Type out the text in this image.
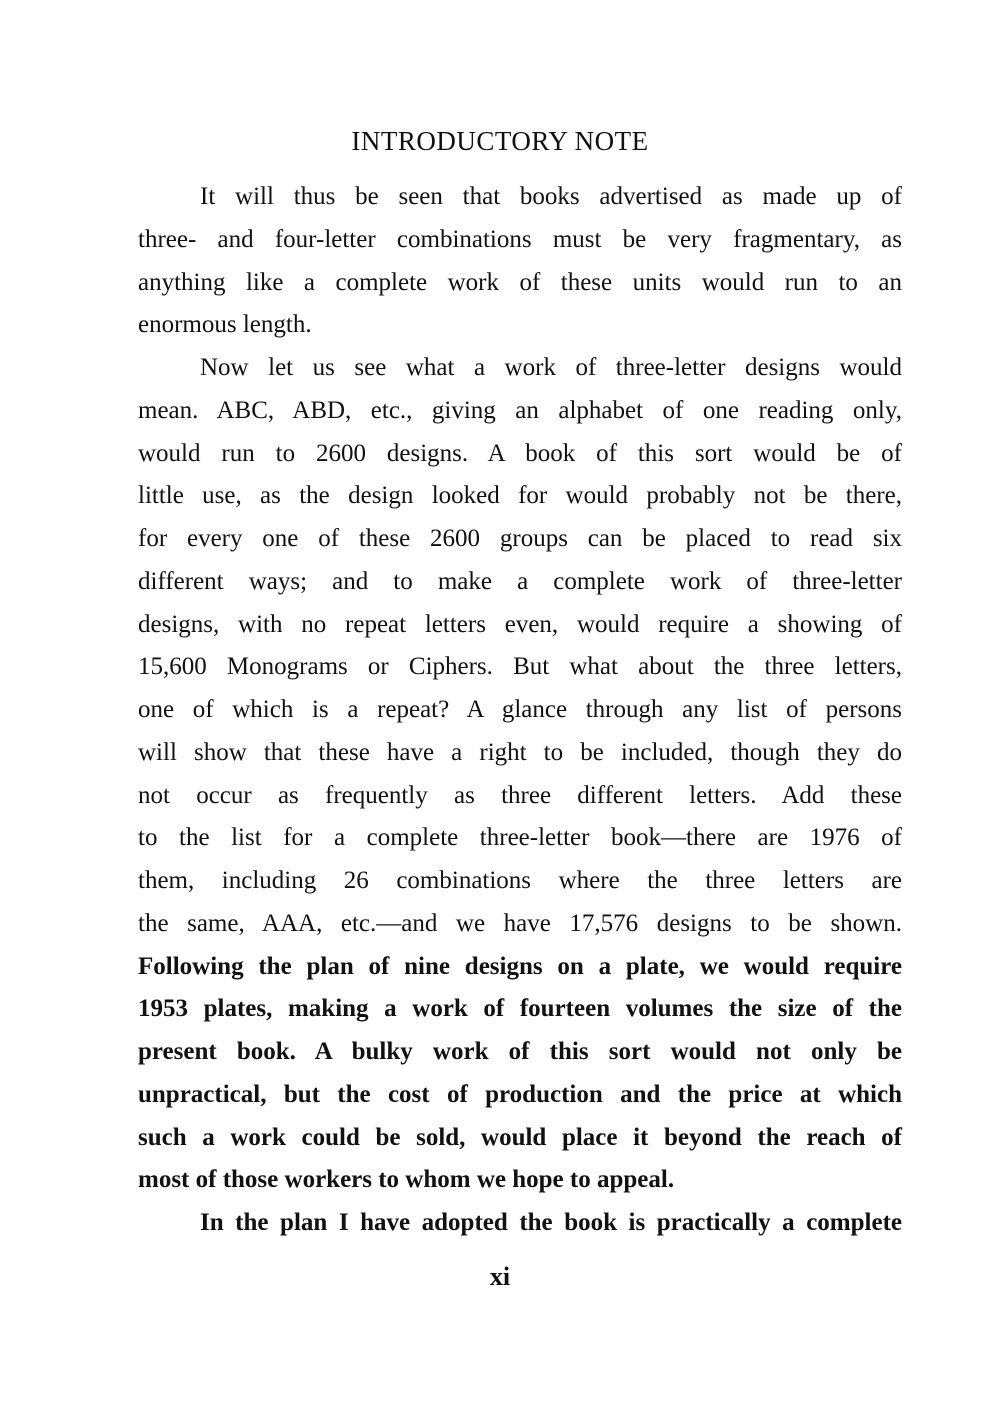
INTRODUCTORY NOTE
It will thus be seen that books advertised as made up of
three- and four-letter combinations must be very fragmentary, as
anything like a complete work of these units would run to an
enormous length.
Now let us see what a work of three-letter designs would
mean. ABC, ABD, etc., giving an alphabet of one reading only,
would run to 2600 designs. A book of this sort would be of
little use, as the design looked for would probably not be there,
for every one of these 2600 groups can be placed to read six
different ways; and to make a complete work of three-letter
designs, with no repeat letters even, would require a showing of
15,600 Monograms or Ciphers. But what about the three letters,
one of which is a repeat? A glance through any list of persons
will show that these have a right to be included, though they do
not occur as frequently as three different letters. Add these
to the list for a complete three-letter book—there are 1976 of
them, including 26 combinations where the three letters are
the same, AAA, etc.—and we have 17,576 designs to be shown.
Following the plan of nine designs on a plate, we would require
1953 plates, making a work of fourteen volumes the size of the
present book. A bulky work of this sort would not only be
unpractical, but the cost of production and the price at which
such a work could be sold, would place it beyond the reach of
most of those workers to whom we hope to appeal.
In the plan I have adopted the book is practically a complete

xi
